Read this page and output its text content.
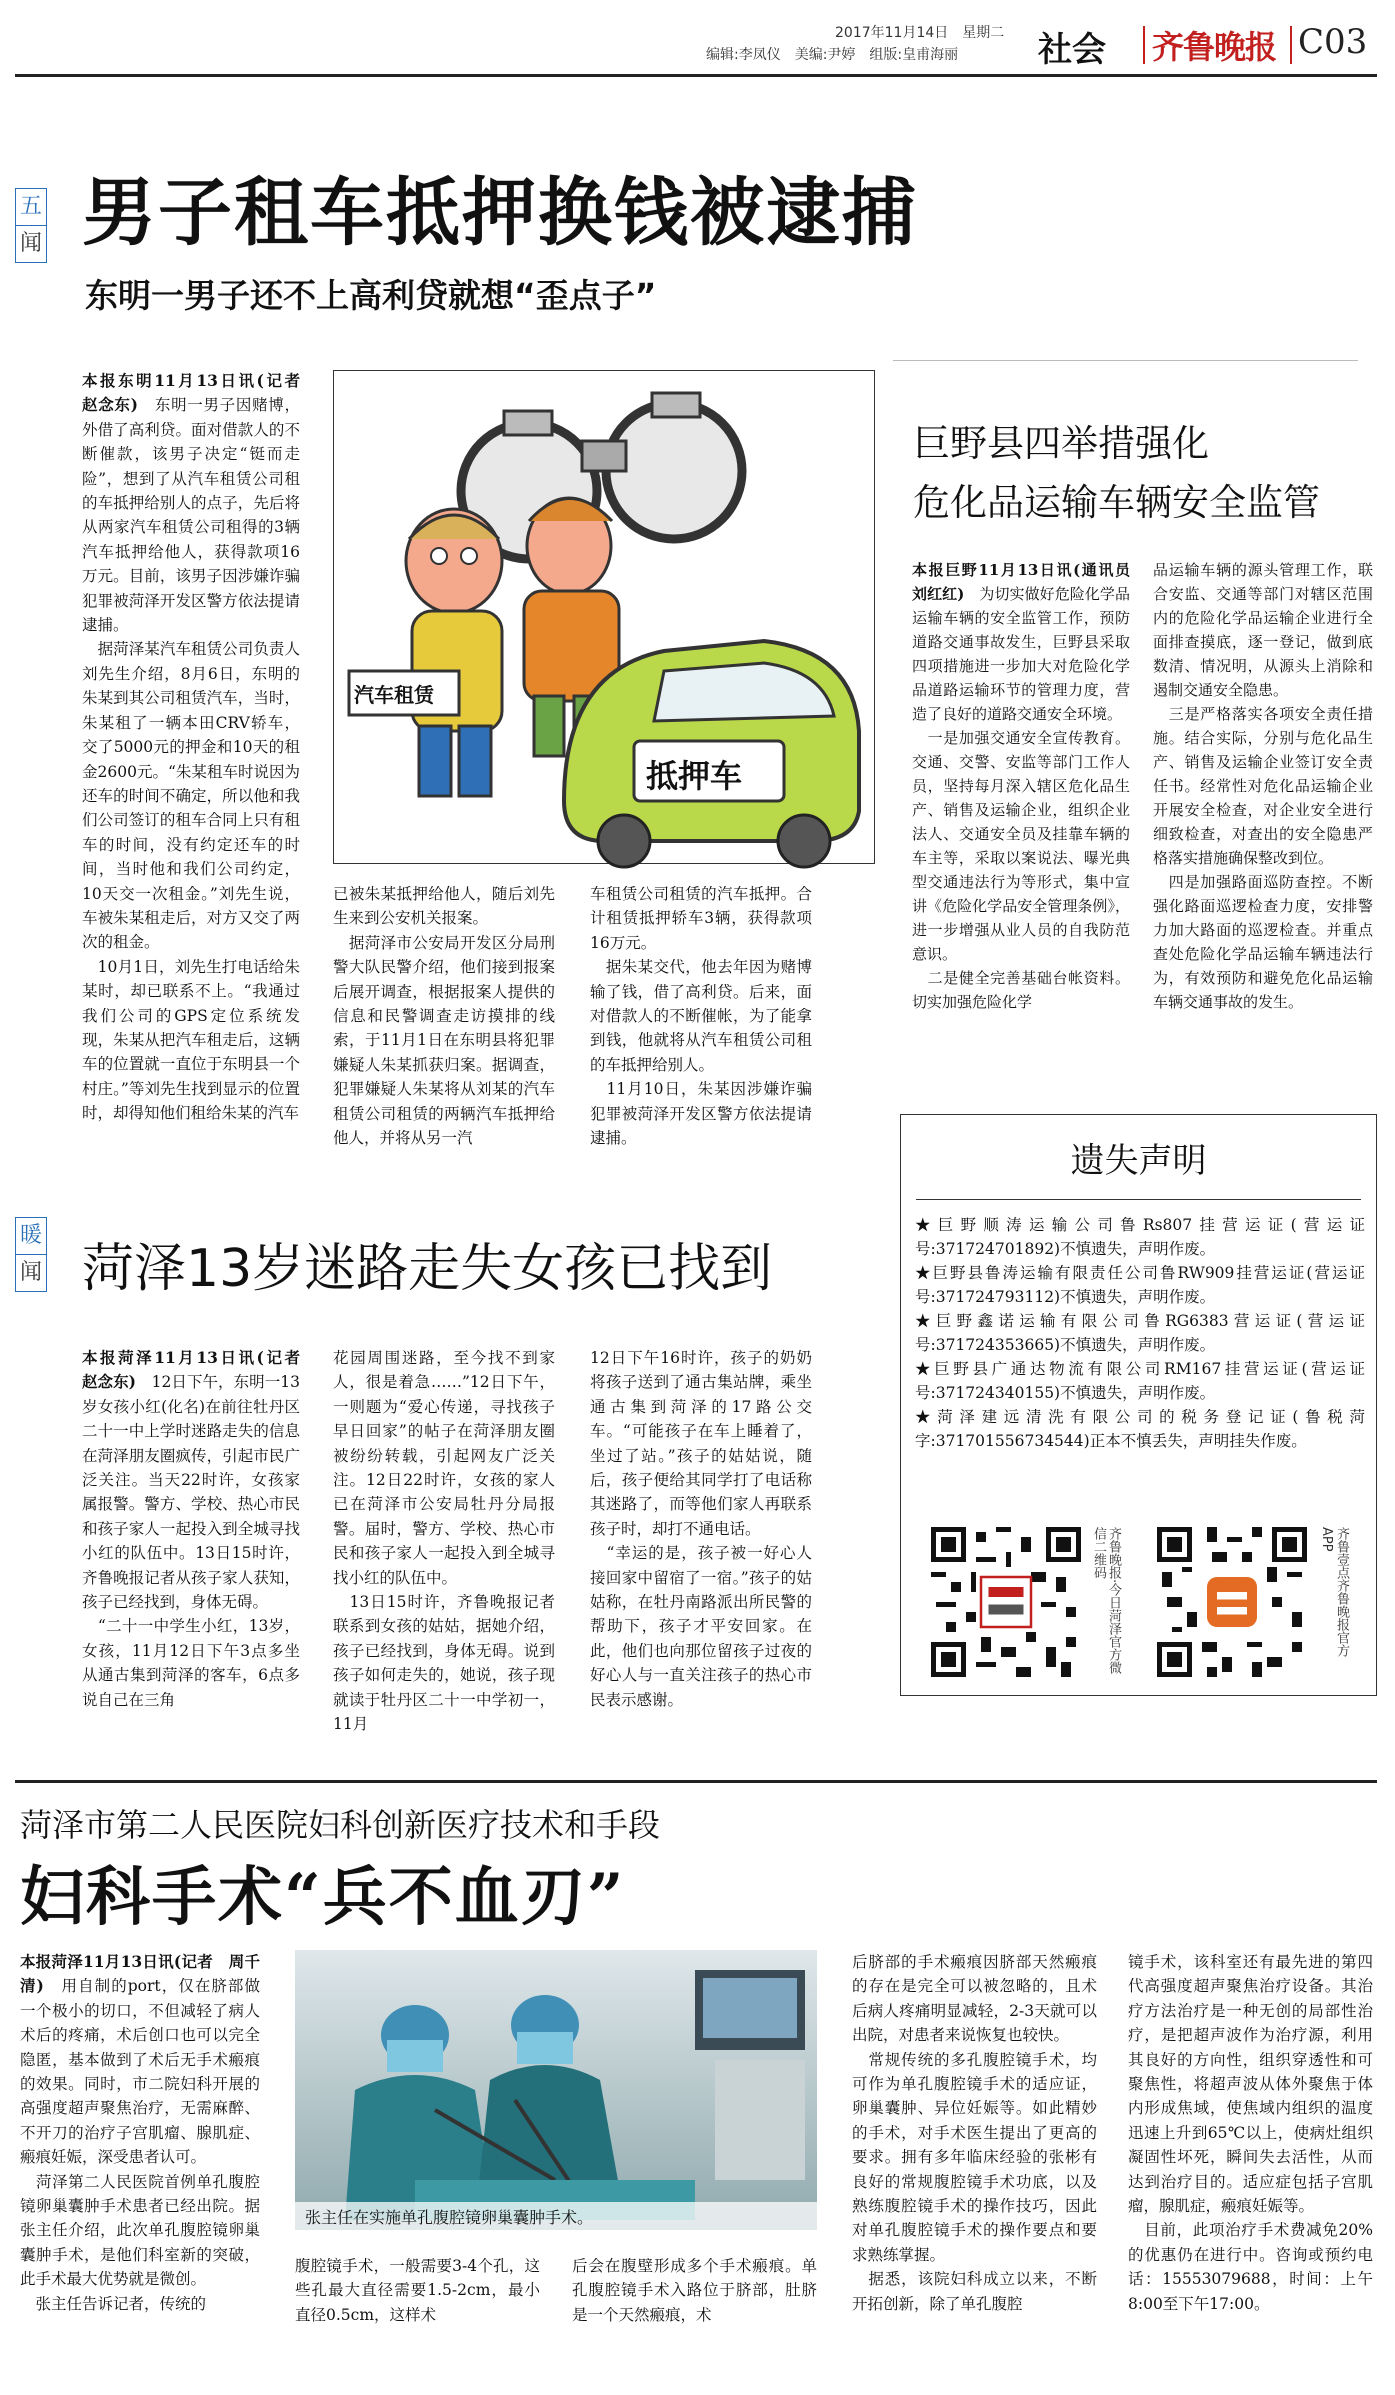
2017年11月14日　星期二
编辑:李凤仪　美编:尹婷　组版:皇甫海丽 社会 齐鲁晚报 C03
五
闻 男子租车抵押换钱被逮捕
东明一男子还不上高利贷就想“歪点子”
本报东明11月13日讯(记者　赵念东)　东明一男子因赌博，外借了高利贷。面对借款人的不断催款，该男子决定“铤而走险”，想到了从汽车租赁公司租的车抵押给别人的点子，先后将从两家汽车租赁公司租得的3辆汽车抵押给他人，获得款项16万元。目前，该男子因涉嫌诈骗犯罪被菏泽开发区警方依法提请逮捕。
　据菏泽某汽车租赁公司负责人刘先生介绍，8月6日，东明的朱某到其公司租赁汽车，当时，朱某租了一辆本田CRV轿车，交了5000元的押金和10天的租金2600元。“朱某租车时说因为还车的时间不确定，所以他和我们公司签订的租车合同上只有租车的时间，没有约定还车的时间，当时他和我们公司约定，10天交一次租金。”刘先生说，车被朱某租走后，对方又交了两次的租金。
　10月1日，刘先生打电话给朱某时，却已联系不上。“我通过我们公司的GPS定位系统发现，朱某从把汽车租走后，这辆车的位置就一直位于东明县一个村庄。”等刘先生找到显示的位置时，却得知他们租给朱某的汽车
汽车租赁
抵押车
已被朱某抵押给他人，随后刘先生来到公安机关报案。
　据菏泽市公安局开发区分局刑警大队民警介绍，他们接到报案后展开调查，根据报案人提供的信息和民警调查走访摸排的线索，于11月1日在东明县将犯罪嫌疑人朱某抓获归案。据调查，犯罪嫌疑人朱某将从刘某的汽车租赁公司租赁的两辆汽车抵押给他人，并将从另一汽
车租赁公司租赁的汽车抵押。合计租赁抵押轿车3辆，获得款项16万元。
　据朱某交代，他去年因为赌博输了钱，借了高利贷。后来，面对借款人的不断催帐，为了能拿到钱，他就将从汽车租赁公司租的车抵押给别人。
　11月10日，朱某因涉嫌诈骗犯罪被菏泽开发区警方依法提请逮捕。
巨野县四举措强化
危化品运输车辆安全监管
本报巨野11月13日讯(通讯员　刘红红)　为切实做好危险化学品运输车辆的安全监管工作，预防道路交通事故发生，巨野县采取四项措施进一步加大对危险化学品道路运输环节的管理力度，营造了良好的道路交通安全环境。
　一是加强交通安全宣传教育。交通、交警、安监等部门工作人员，坚持每月深入辖区危化品生产、销售及运输企业，组织企业法人、交通安全员及挂靠车辆的车主等，采取以案说法、曝光典型交通违法行为等形式，集中宣讲《危险化学品安全管理条例》，进一步增强从业人员的自我防范意识。
　二是健全完善基础台帐资料。切实加强危险化学
品运输车辆的源头管理工作，联合安监、交通等部门对辖区范围内的危险化学品运输企业进行全面排查摸底，逐一登记，做到底数清、情况明，从源头上消除和遏制交通安全隐患。
　三是严格落实各项安全责任措施。结合实际，分别与危化品生产、销售及运输企业签订安全责任书。经常性对危化品运输企业开展安全检查，对企业安全进行细致检查，对查出的安全隐患严格落实措施确保整改到位。
　四是加强路面巡防查控。不断强化路面巡逻检查力度，安排警力加大路面的巡逻检查。并重点查处危险化学品运输车辆违法行为，有效预防和避免危化品运输车辆交通事故的发生。
遗失声明
★巨野顺涛运输公司鲁Rs807挂营运证(营运证号:371724701892)不慎遗失，声明作废。
★巨野县鲁涛运输有限责任公司鲁RW909挂营运证(营运证号:371724793112)不慎遗失，声明作废。
★巨野鑫诺运输有限公司鲁RG6383营运证(营运证号:371724353665)不慎遗失，声明作废。
★巨野县广通达物流有限公司RM167挂营运证(营运证号:371724340155)不慎遗失，声明作废。
★菏泽建远清洗有限公司的税务登记证(鲁税菏字:371701556734544)正本不慎丢失，声明挂失作废。
齐鲁晚报·今日菏泽官方微信二维码	齐鲁壹点齐鲁晚报官方APP
暖
闻 菏泽13岁迷路走失女孩已找到
本报菏泽11月13日讯(记者　赵念东)　12日下午，东明一13岁女孩小红(化名)在前往牡丹区二十一中上学时迷路走失的信息在菏泽朋友圈疯传，引起市民广泛关注。当天22时许，女孩家属报警。警方、学校、热心市民和孩子家人一起投入到全城寻找小红的队伍中。13日15时许，齐鲁晚报记者从孩子家人获知，孩子已经找到，身体无碍。
　“二十一中学生小红，13岁，女孩，11月12日下午3点多坐从通古集到菏泽的客车，6点多说自己在三角
花园周围迷路，至今找不到家人，很是着急……”12日下午，一则题为“爱心传递，寻找孩子早日回家”的帖子在菏泽朋友圈被纷纷转载，引起网友广泛关注。12日22时许，女孩的家人已在菏泽市公安局牡丹分局报警。届时，警方、学校、热心市民和孩子家人一起投入到全城寻找小红的队伍中。
　13日15时许，齐鲁晚报记者联系到女孩的姑姑，据她介绍，孩子已经找到，身体无碍。说到孩子如何走失的，她说，孩子现就读于牡丹区二十一中学初一，11月
12日下午16时许，孩子的奶奶将孩子送到了通古集站牌，乘坐通古集到菏泽的17路公交车。“可能孩子在车上睡着了，坐过了站。”孩子的姑姑说，随后，孩子便给其同学打了电话称其迷路了，而等他们家人再联系孩子时，却打不通电话。
　“幸运的是，孩子被一好心人接回家中留宿了一宿。”孩子的姑姑称，在牡丹南路派出所民警的帮助下，孩子才平安回家。在此，他们也向那位留孩子过夜的好心人与一直关注孩子的热心市民表示感谢。
菏泽市第二人民医院妇科创新医疗技术和手段
妇科手术“兵不血刃”
本报菏泽11月13日讯(记者　周千清)　用自制的port，仅在脐部做一个极小的切口，不但减轻了病人术后的疼痛，术后创口也可以完全隐匿，基本做到了术后无手术瘢痕的效果。同时，市二院妇科开展的高强度超声聚焦治疗，无需麻醉、不开刀的治疗子宫肌瘤、腺肌症、瘢痕妊娠，深受患者认可。
　菏泽第二人民医院首例单孔腹腔镜卵巢囊肿手术患者已经出院。据张主任介绍，此次单孔腹腔镜卵巢囊肿手术，是他们科室新的突破，此手术最大优势就是微创。
　张主任告诉记者，传统的
张主任在实施单孔腹腔镜卵巢囊肿手术。
腹腔镜手术，一般需要3-4个孔，这些孔最大直径需要1.5-2cm，最小直径0.5cm，这样术
后会在腹壁形成多个手术瘢痕。单孔腹腔镜手术入路位于脐部，肚脐是一个天然瘢痕，术
后脐部的手术瘢痕因脐部天然瘢痕的存在是完全可以被忽略的，且术后病人疼痛明显减轻，2-3天就可以出院，对患者来说恢复也较快。
　常规传统的多孔腹腔镜手术，均可作为单孔腹腔镜手术的适应证，卵巢囊肿、异位妊娠等。如此精妙的手术，对手术医生提出了更高的要求。拥有多年临床经验的张彬有良好的常规腹腔镜手术功底，以及熟练腹腔镜手术的操作技巧，因此对单孔腹腔镜手术的操作要点和要求熟练掌握。
　据悉，该院妇科成立以来，不断开拓创新，除了单孔腹腔
镜手术，该科室还有最先进的第四代高强度超声聚焦治疗设备。其治疗方法治疗是一种无创的局部性治疗，是把超声波作为治疗源，利用其良好的方向性，组织穿透性和可聚焦性，将超声波从体外聚焦于体内形成焦域，使焦域内组织的温度迅速上升到65℃以上，使病灶组织凝固性坏死，瞬间失去活性，从而达到治疗目的。适应症包括子宫肌瘤，腺肌症，瘢痕妊娠等。
　目前，此项治疗手术费减免20%的优惠仍在进行中。咨询或预约电话：15553079688，时间：上午8:00至下午17:00。
